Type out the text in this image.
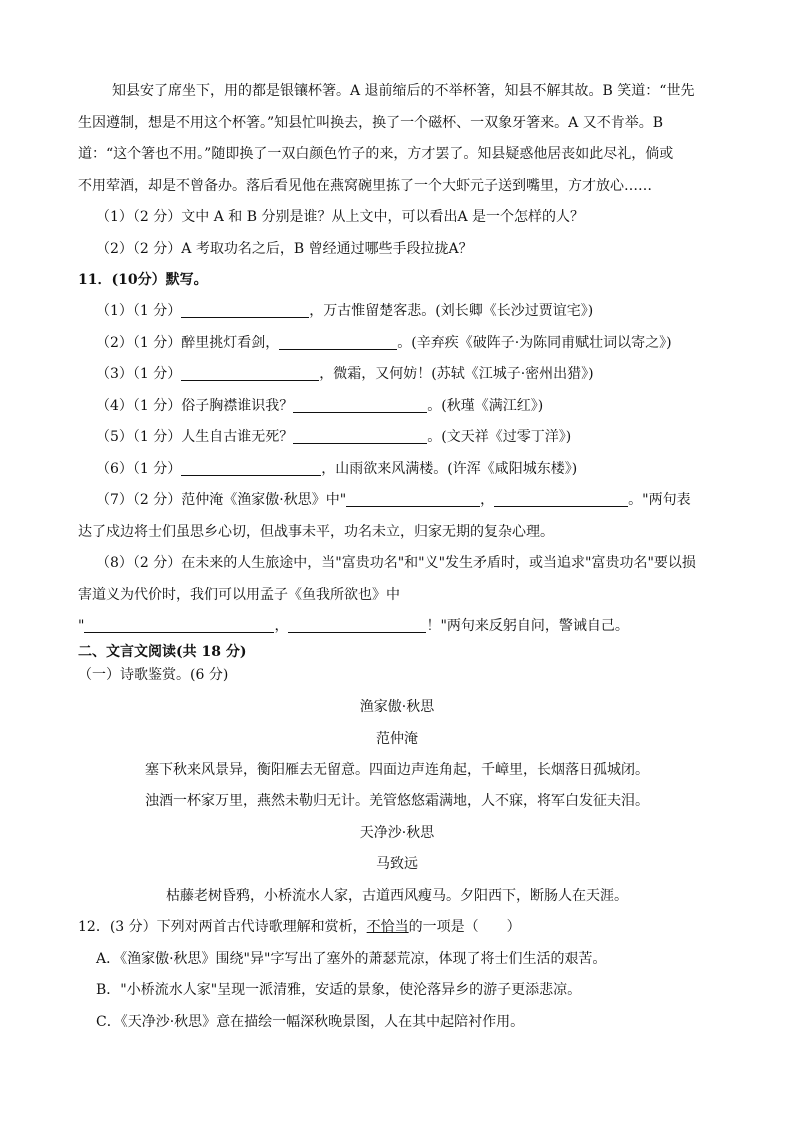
知县安了席坐下，用的都是银镶杯箸。A 退前缩后的不举杯箸，知县不解其故。B 笑道：“世先
生因遵制，想是不用这个杯箸。”知县忙叫换去，换了一个磁杯、一双象牙箸来。A 又不肯举。B
道：“这个箸也不用。”随即换了一双白颜色竹子的来，方才罢了。知县疑惑他居丧如此尽礼，倘或
不用荤酒，却是不曾备办。落后看见他在燕窝碗里拣了一个大虾元子送到嘴里，方才放心……
（1）（2 分）文中 A 和 B 分别是谁？从上文中，可以看出A 是一个怎样的人？
（2）（2 分）A 考取功名之后，B 曾经通过哪些手段拉拢A？
11．(10分）默写。
（1）（1 分）	，万古惟留楚客悲。(刘长卿《长沙过贾谊宅》)
（2）（1 分）醉里挑灯看剑，	。(辛弃疾《破阵子·为陈同甫赋壮词以寄之》)
（3）（1 分）	，微霜，又何妨！(苏轼《江城子·密州出猎》)
（4）（1 分）俗子胸襟谁识我？	。(秋瑾《满江红》)
（5）（1 分）人生自古谁无死？	。(文天祥《过零丁洋》)
（6）（1 分）	，山雨欲来风满楼。(许浑《咸阳城东楼》)
（7）（2 分）范仲淹《渔家傲·秋思》中"	，	。"两句表
达了戍边将士们虽思乡心切，但战事未平，功名未立，归家无期的复杂心理。
（8）（2 分）在未来的人生旅途中，当"富贵功名"和"义"发生矛盾时，或当追求"富贵功名"要以损
害道义为代价时，我们可以用孟子《鱼我所欲也》中
"	，	！"两句来反躬自问，警诫自己。
二、文言文阅读(共 18 分)
（一）诗歌鉴赏。(6 分)
渔家傲·秋思
范仲淹
塞下秋来风景异，衡阳雁去无留意。四面边声连角起，千嶂里，长烟落日孤城闭。
浊酒一杯家万里，燕然未勒归无计。羌管悠悠霜满地，人不寐，将军白发征夫泪。
天净沙·秋思
马致远
枯藤老树昏鸦，小桥流水人家，古道西风瘦马。夕阳西下，断肠人在天涯。
12．(3 分）下列对两首古代诗歌理解和赏析，不恰当的一项是（　　）
A．《渔家傲·秋思》围绕"异"字写出了塞外的萧瑟荒凉，体现了将士们生活的艰苦。
B．"小桥流水人家"呈现一派清雅，安适的景象，使沦落异乡的游子更添悲凉。
C．《天净沙·秋思》意在描绘一幅深秋晚景图，人在其中起陪衬作用。
